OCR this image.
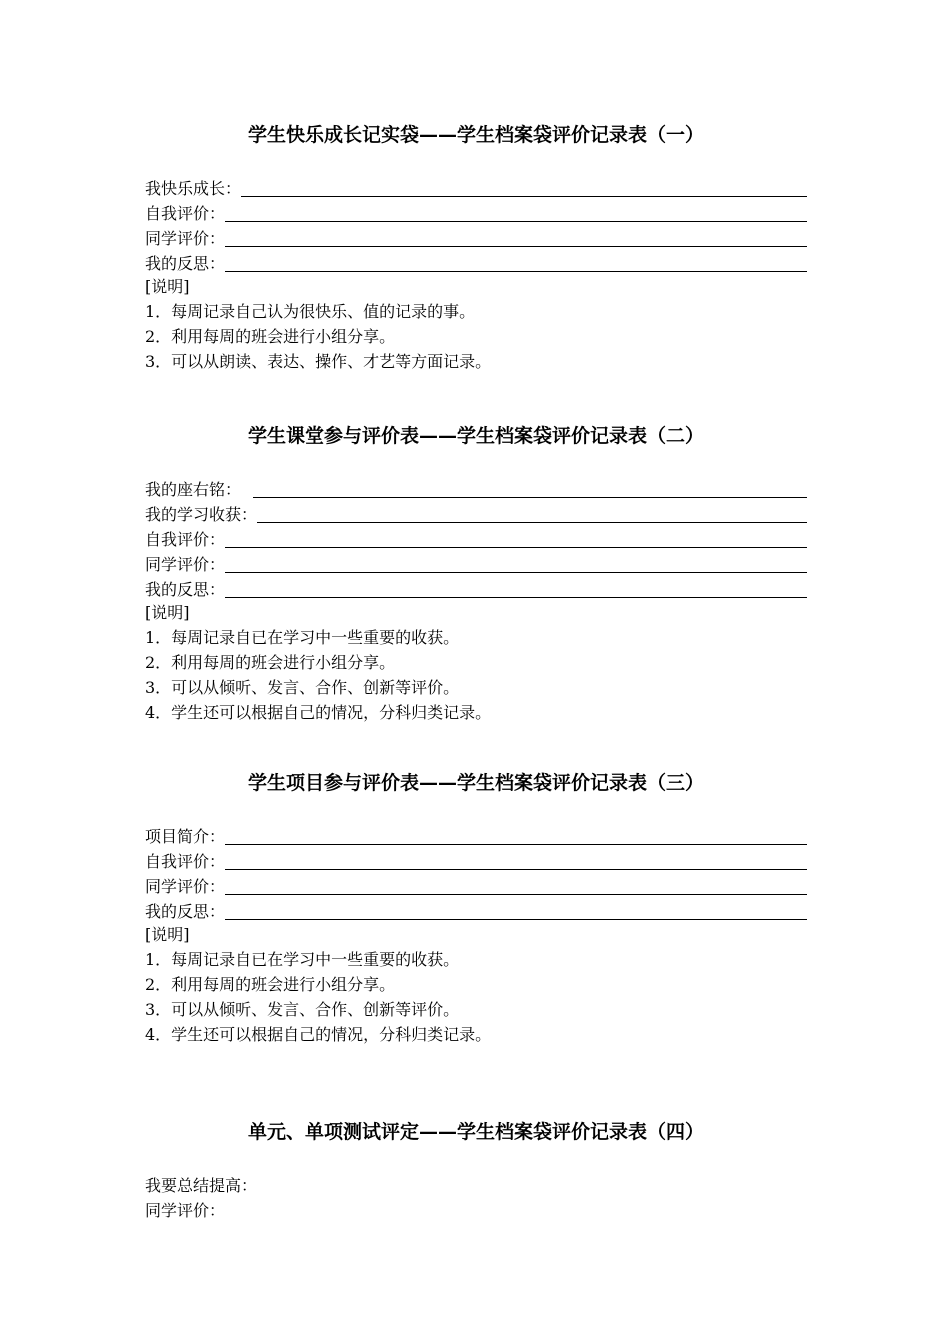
学生快乐成长记实袋——学生档案袋评价记录表（一）
我快乐成长：
自我评价：
同学评价：
我的反思：
[说明]
1．每周记录自己认为很快乐、值的记录的事。
2．利用每周的班会进行小组分享。
3．可以从朗读、表达、操作、才艺等方面记录。
学生课堂参与评价表——学生档案袋评价记录表（二）
我的座右铭：
我的学习收获：
自我评价：
同学评价：
我的反思：
[说明]
1．每周记录自已在学习中一些重要的收获。
2．利用每周的班会进行小组分享。
3．可以从倾听、发言、合作、创新等评价。
4．学生还可以根据自己的情况，分科归类记录。
学生项目参与评价表——学生档案袋评价记录表（三）
项目简介：
自我评价：
同学评价：
我的反思：
[说明]
1．每周记录自已在学习中一些重要的收获。
2．利用每周的班会进行小组分享。
3．可以从倾听、发言、合作、创新等评价。
4．学生还可以根据自己的情况，分科归类记录。
单元、单项测试评定——学生档案袋评价记录表（四）
我要总结提高：
同学评价：
